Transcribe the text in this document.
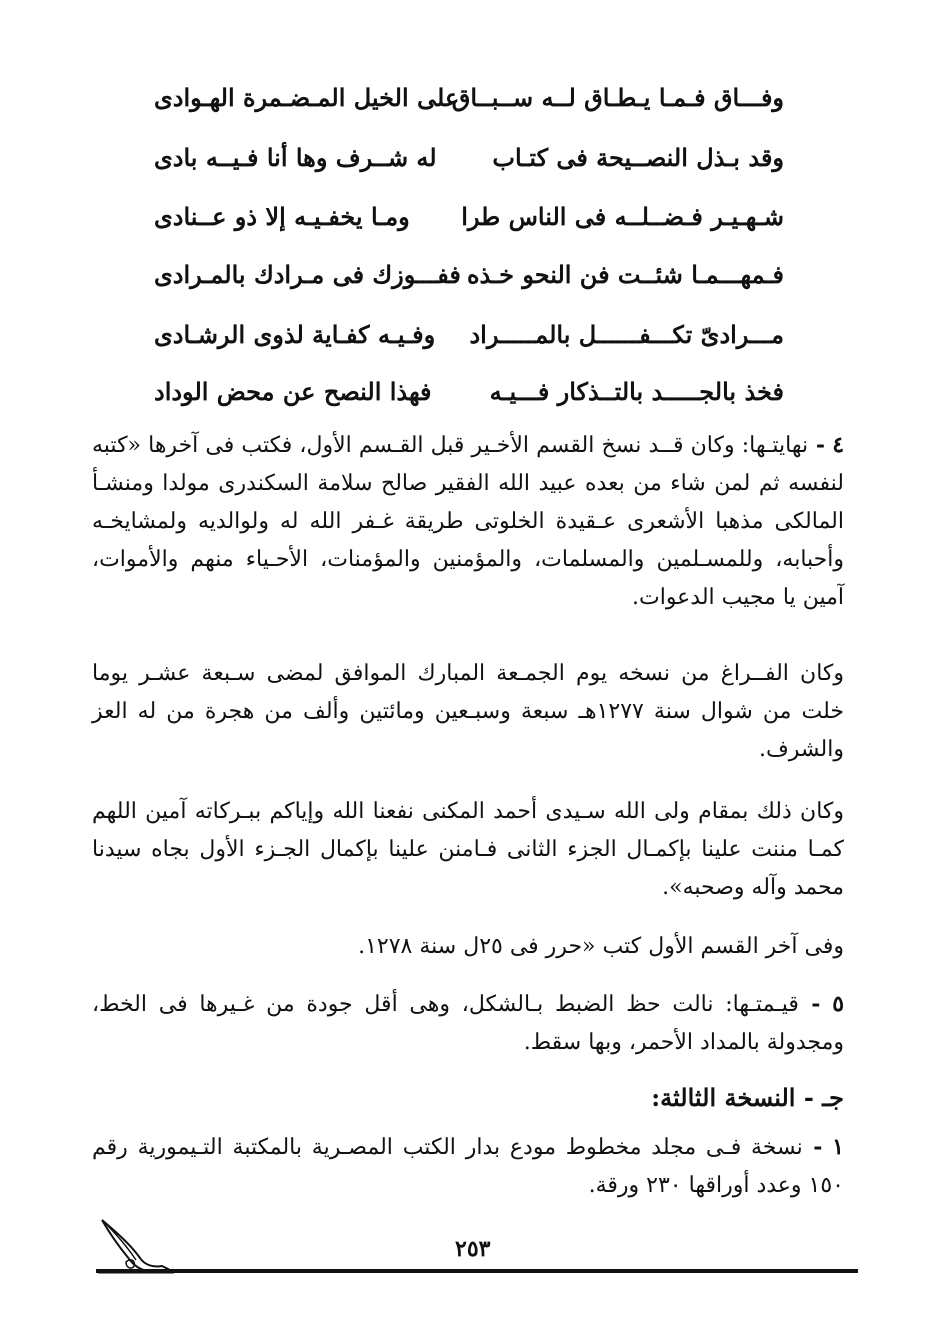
وفـــاق فـمـا يـطـاق لــه ســبــاق
على الخيل المـضـمرة الهـوادى
وقد بـذل النصــيحة فى كتـاب
له شــرف وها أنا فـيــه بادى
شـهـيـر فـضــلــه فى الناس طرا
ومـا يخفـيـه إلا ذو عــنادى
فـمهـــمـا شئــت فن النحو خـذه
ففـــوزك فى مـرادك بالمـرادى
مـــرادىّ تكـــفــــــل بالمـــــراد
وفـيـه كفـاية لذوى الرشـادى
فخذ بالجـــــد بالتــذكار فـــيـه
فهذا النصح عن محض الوداد

٤ - نهايتـها: وكان قــد نسخ القسم الأخـير قبل القـسم الأول، فكتب فى آخرها «كتبه لنفسه ثم لمن شاء من بعده عبيد الله الفقير صالح سلامة السكندرى مولدا ومنشـأ المالكى مذهبا الأشعرى عـقيدة الخلوتى طريقة غـفر الله له ولوالديه ولمشايخـه وأحبابه، وللمسـلمين والمسلمات، والمؤمنين والمؤمنات، الأحـياء منهم والأموات، آمين يا مجيب الدعوات.

وكان الفــراغ من نسخه يوم الجمـعة المبارك الموافق لمضى سـبعة عشـر يوما خلت من شوال سنة ١٢٧٧هـ سبعة وسبـعين ومائتين وألف من هجرة من له العز والشرف.

وكان ذلك بمقام ولى الله سـيدى أحمد المكنى نفعنا الله وإياكم ببـركاته آمين اللهم كمـا مننت علينا بإكمـال الجزء الثانى فـامنن علينا بإكمال الجـزء الأول بجاه سيدنا محمد وآله وصحبه».

وفى آخر القسم الأول كتب «حرر فى ٢٥ل سنة ١٢٧٨.

٥ - قيـمتـها: نالت حظ الضبط بـالشكل، وهى أقل جودة من غـيرها فى الخط، ومجدولة بالمداد الأحمر، وبها سقط.

جـ - النسخة الثالثة:

١ - نسخة فـى مجلد مخطوط مودع بدار الكتب المصـرية بالمكتبة التـيمورية رقم ١٥٠ وعدد أوراقها ٢٣٠ ورقة.

٢٥٣
